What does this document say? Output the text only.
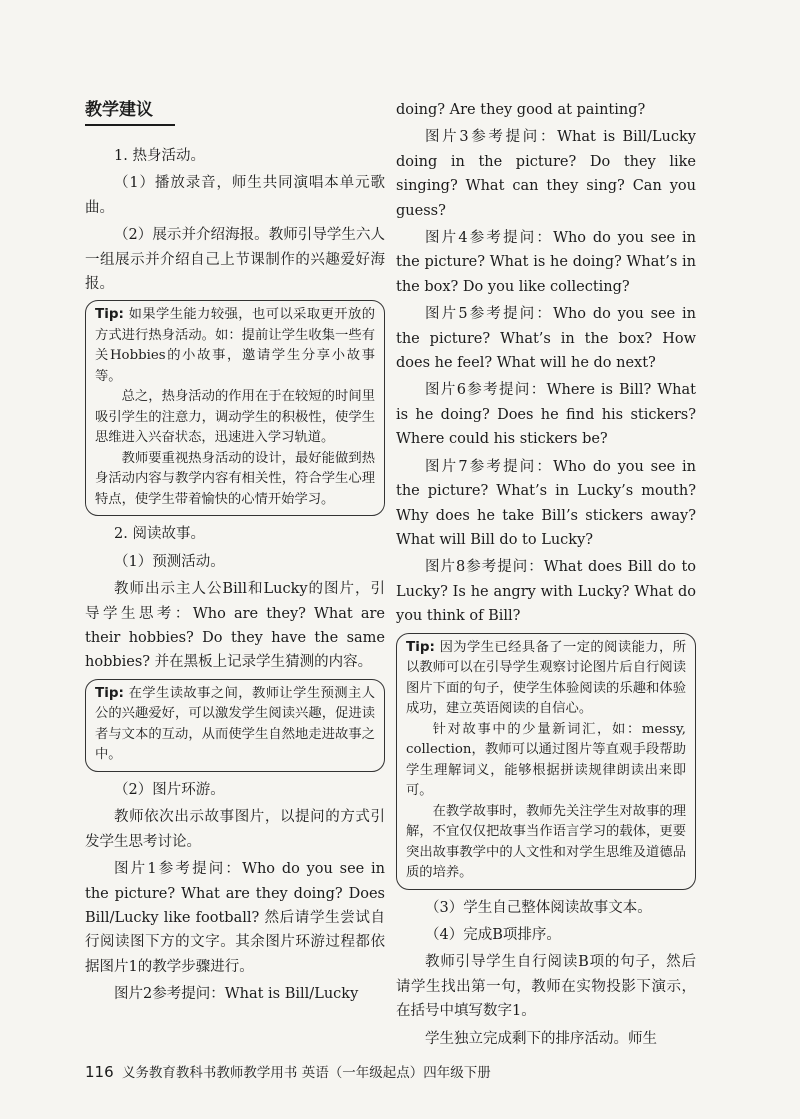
教学建议

1. 热身活动。

（1）播放录音，师生共同演唱本单元歌曲。

（2）展示并介绍海报。教师引导学生六人一组展示并介绍自己上节课制作的兴趣爱好海报。

Tip: 如果学生能力较强，也可以采取更开放的方式进行热身活动。如：提前让学生收集一些有关Hobbies的小故事，邀请学生分享小故事等。

总之，热身活动的作用在于在较短的时间里吸引学生的注意力，调动学生的积极性，使学生思维进入兴奋状态，迅速进入学习轨道。

教师要重视热身活动的设计，最好能做到热身活动内容与教学内容有相关性，符合学生心理特点，使学生带着愉快的心情开始学习。

2. 阅读故事。

（1）预测活动。

教师出示主人公Bill和Lucky的图片，引导学生思考：Who are they? What are their hobbies? Do they have the same hobbies? 并在黑板上记录学生猜测的内容。

Tip: 在学生读故事之间，教师让学生预测主人公的兴趣爱好，可以激发学生阅读兴趣，促进读者与文本的互动，从而使学生自然地走进故事之中。

（2）图片环游。

教师依次出示故事图片，以提问的方式引发学生思考讨论。

图片1参考提问：Who do you see in the picture? What are they doing? Does Bill/Lucky like football? 然后请学生尝试自行阅读图下方的文字。其余图片环游过程都依据图片1的教学步骤进行。

图片2参考提问：What is Bill/Lucky

doing? Are they good at painting?

图片3参考提问：What is Bill/Lucky doing in the picture? Do they like singing? What can they sing? Can you guess?

图片4参考提问：Who do you see in the picture? What is he doing? What’s in the box? Do you like collecting?

图片5参考提问：Who do you see in the picture? What’s in the box? How does he feel? What will he do next?

图片6参考提问：Where is Bill? What is he doing? Does he find his stickers? Where could his stickers be?

图片7参考提问：Who do you see in the picture? What’s in Lucky’s mouth? Why does he take Bill’s stickers away? What will Bill do to Lucky?

图片8参考提问：What does Bill do to Lucky? Is he angry with Lucky? What do you think of Bill?

Tip: 因为学生已经具备了一定的阅读能力，所以教师可以在引导学生观察讨论图片后自行阅读图片下面的句子，使学生体验阅读的乐趣和体验成功，建立英语阅读的自信心。

针对故事中的少量新词汇，如：messy, collection，教师可以通过图片等直观手段帮助学生理解词义，能够根据拼读规律朗读出来即可。

在教学故事时，教师先关注学生对故事的理解，不宜仅仅把故事当作语言学习的载体，更要突出故事教学中的人文性和对学生思维及道德品质的培养。

（3）学生自己整体阅读故事文本。

（4）完成B项排序。

教师引导学生自行阅读B项的句子，然后请学生找出第一句，教师在实物投影下演示，在括号中填写数字1。

学生独立完成剩下的排序活动。师生

116 义务教育教科书教师教学用书 英语（一年级起点）四年级下册
